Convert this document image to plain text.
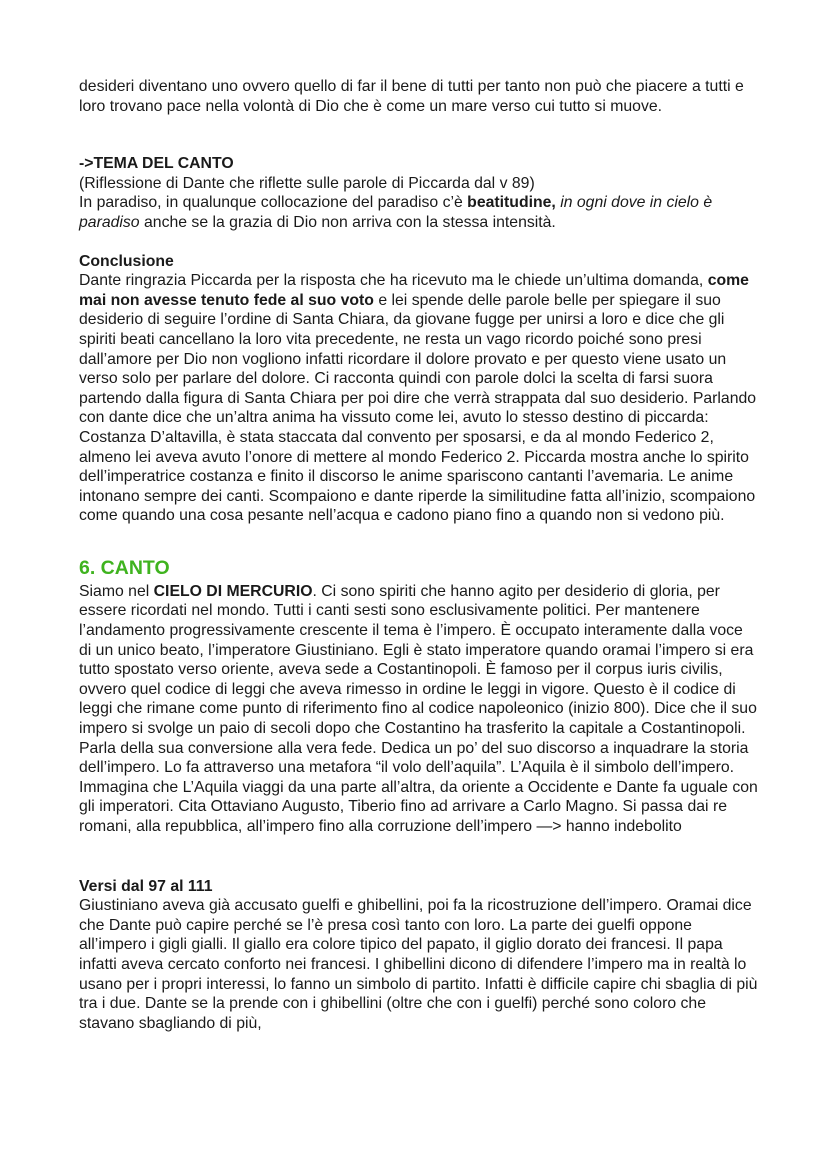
desideri diventano uno ovvero quello di far il bene di tutti per tanto non può che piacere a tutti e loro trovano pace nella volontà di Dio che è come un mare verso cui tutto si muove.

->TEMA DEL CANTO

(Riflessione di Dante che riflette sulle parole di Piccarda dal v 89)

In paradiso, in qualunque collocazione del paradiso c’è beatitudine, in ogni dove in cielo è paradiso anche se la grazia di Dio non arriva con la stessa intensità.

Conclusione

Dante ringrazia Piccarda per la risposta che ha ricevuto ma le chiede un’ultima domanda, come mai non avesse tenuto fede al suo voto e lei spende delle parole belle per spiegare il suo desiderio di seguire l’ordine di Santa Chiara, da giovane fugge per unirsi a loro e dice che gli spiriti beati cancellano la loro vita precedente, ne resta un vago ricordo poiché sono presi dall’amore per Dio non vogliono infatti ricordare il dolore provato e per questo viene usato un verso solo per parlare del dolore. Ci racconta quindi con parole dolci la scelta di farsi suora partendo dalla figura di Santa Chiara per poi dire che verrà strappata dal suo desiderio. Parlando con dante dice che un’altra anima ha vissuto come lei, avuto lo stesso destino di piccarda: Costanza D’altavilla, è stata staccata dal convento per sposarsi, e da al mondo Federico 2, almeno lei aveva avuto l’onore di mettere al mondo Federico 2. Piccarda mostra anche lo spirito dell’imperatrice costanza e finito il discorso le anime spariscono cantanti l’avemaria. Le anime intonano sempre dei canti. Scompaiono e dante riperde la similitudine fatta all’inizio, scompaiono come quando una cosa pesante nell’acqua e cadono piano fino a quando non si vedono più.

6. CANTO

Siamo nel CIELO DI MERCURIO. Ci sono spiriti che hanno agito per desiderio di gloria, per essere ricordati nel mondo. Tutti i canti sesti sono esclusivamente politici. Per mantenere l’andamento progressivamente crescente il tema è l’impero. È occupato interamente dalla voce di un unico beato, l’imperatore Giustiniano. Egli è stato imperatore quando oramai l’impero si era tutto spostato verso oriente, aveva sede a Costantinopoli. È famoso per il corpus iuris civilis, ovvero quel codice di leggi che aveva rimesso in ordine le leggi in vigore. Questo è il codice di leggi che rimane come punto di riferimento fino al codice napoleonico (inizio 800). Dice che il suo impero si svolge un paio di secoli dopo che Costantino ha trasferito la capitale a Costantinopoli. Parla della sua conversione alla vera fede. Dedica un po’ del suo discorso a inquadrare la storia dell’impero. Lo fa attraverso una metafora “il volo dell’aquila”. L’Aquila è il simbolo dell’impero. Immagina che L’Aquila viaggi da una parte all’altra, da oriente a Occidente e Dante fa uguale con gli imperatori. Cita Ottaviano Augusto, Tiberio fino ad arrivare a Carlo Magno. Si passa dai re romani, alla repubblica, all’impero fino alla corruzione dell’impero —> hanno indebolito

Versi dal 97 al 111

Giustiniano aveva già accusato guelfi e ghibellini, poi fa la ricostruzione dell’impero. Oramai dice che Dante può capire perché se l’è presa così tanto con loro. La parte dei guelfi oppone all’impero i gigli gialli. Il giallo era colore tipico del papato, il giglio dorato dei francesi. Il papa infatti aveva cercato conforto nei francesi. I ghibellini dicono di difendere l’impero ma in realtà lo usano per i propri interessi, lo fanno un simbolo di partito. Infatti è difficile capire chi sbaglia di più tra i due. Dante se la prende con i ghibellini (oltre che con i guelfi) perché sono coloro che stavano sbagliando di più,
